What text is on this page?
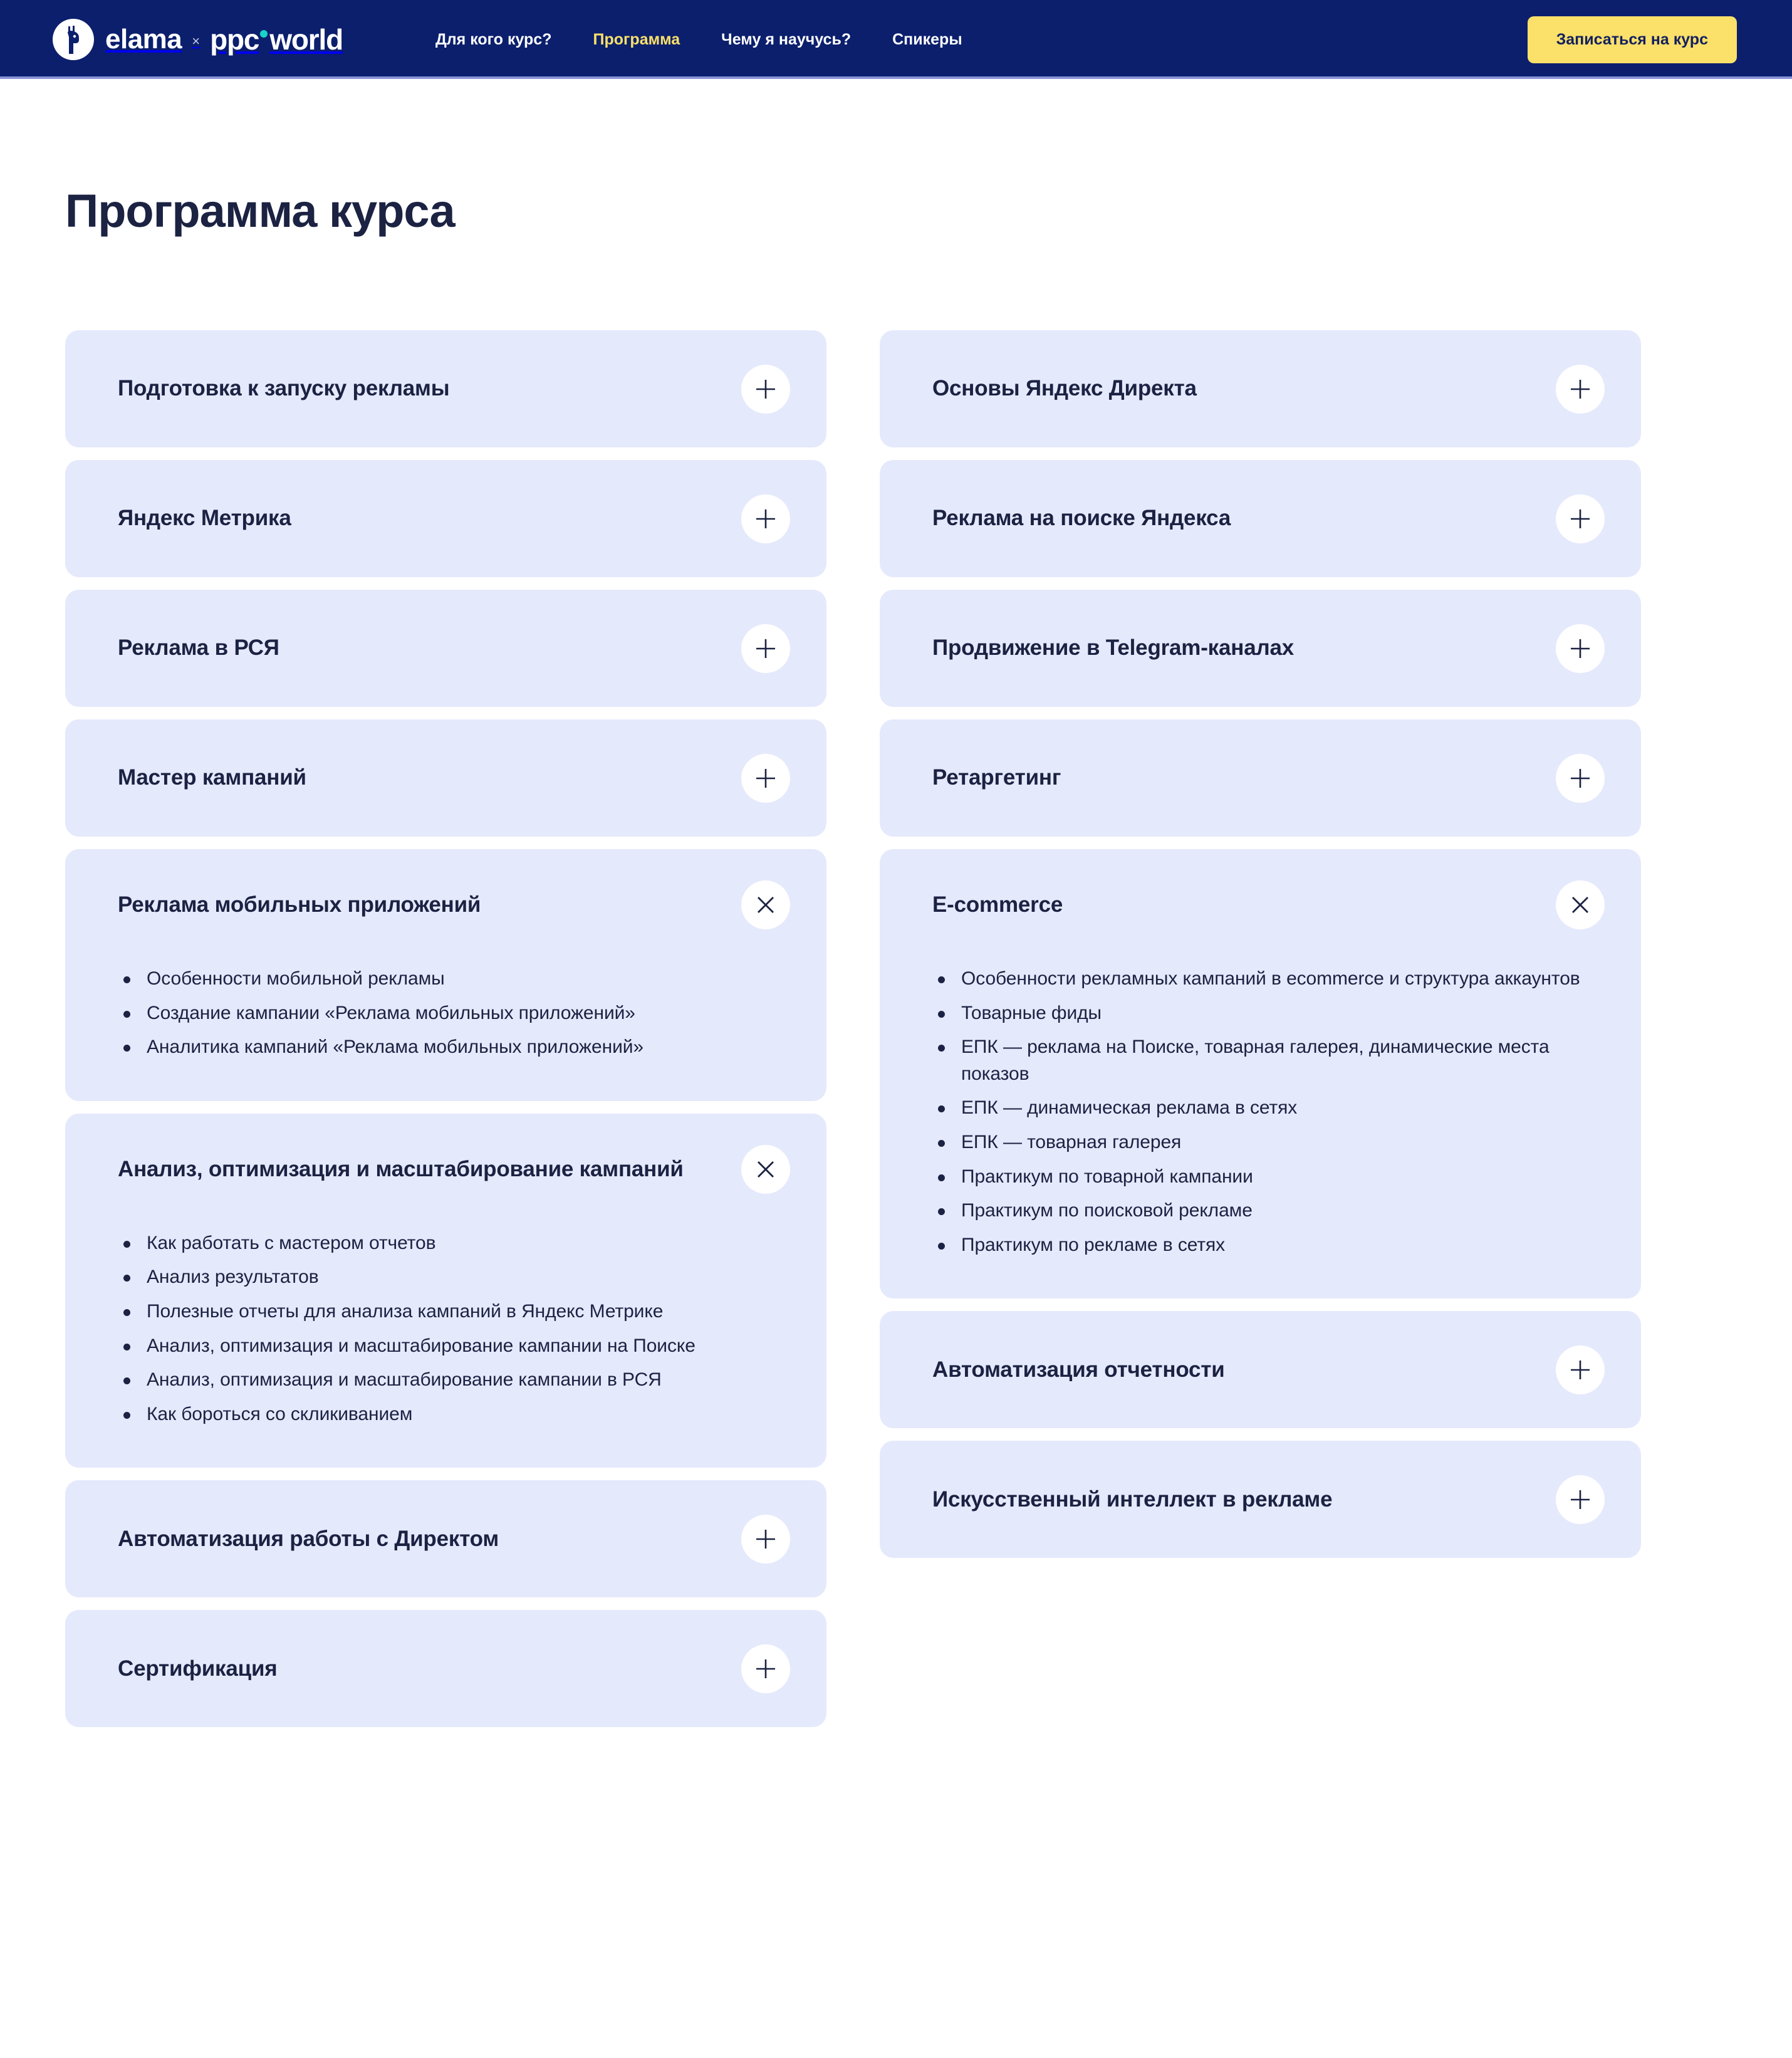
elama × ppc world	Для кого курс?	Программа	Чему я научусь?	Спикеры	Записаться на курс
Программа курса
Подготовка к запуску рекламы
Яндекс Метрика
Реклама в РСЯ
Мастер кампаний
Реклама мобильных приложений
Особенности мобильной рекламы
Создание кампании «Реклама мобильных приложений»
Аналитика кампаний «Реклама мобильных приложений»
Анализ, оптимизация и масштабирование кампаний
Как работать с мастером отчетов
Анализ результатов
Полезные отчеты для анализа кампаний в Яндекс Метрике
Анализ, оптимизация и масштабирование кампании на Поиске
Анализ, оптимизация и масштабирование кампании в РСЯ
Как бороться со скликиванием
Автоматизация работы с Директом
Сертификация
Основы Яндекс Директа
Реклама на поиске Яндекса
Продвижение в Telegram-каналах
Ретаргетинг
E-commerce
Особенности рекламных кампаний в ecommerce и структура аккаунтов
Товарные фиды
ЕПК — реклама на Поиске, товарная галерея, динамические места показов
ЕПК — динамическая реклама в сетях
ЕПК — товарная галерея
Практикум по товарной кампании
Практикум по поисковой рекламе
Практикум по рекламе в сетях
Автоматизация отчетности
Искусственный интеллект в рекламе
